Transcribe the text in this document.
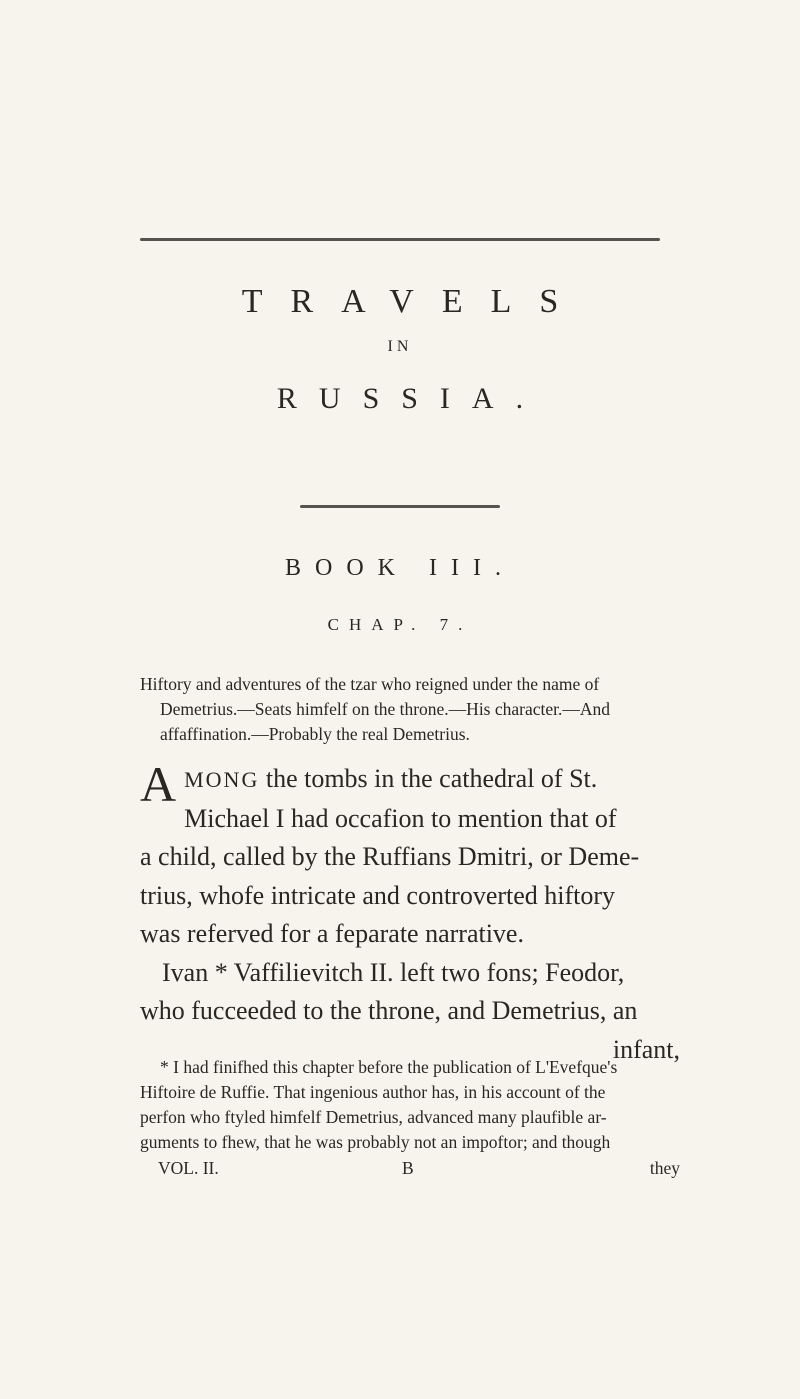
TRAVELS
IN
RUSSIA.
BOOK III.
CHAP. 7.
Hiftory and adventures of the tzar who reigned under the name of
Demetrius.—Seats himfelf on the throne.—His character.—And
affaffination.—Probably the real Demetrius.
A MONG the tombs in the cathedral of St.
Michael I had occafion to mention that of
a child, called by the Ruffians Dmitri, or Deme-
trius, whofe intricate and controverted hiftory
was referved for a feparate narrative.
Ivan * Vaffilievitch II. left two fons; Feodor,
who fucceeded to the throne, and Demetrius, an
infant,
* I had finifhed this chapter before the publication of L'Evefque's
Hiftoire de Ruffie. That ingenious author has, in his account of the
perfon who ftyled himfelf Demetrius, advanced many plaufible ar-
guments to fhew, that he was probably not an impoftor; and though
VOL. II.	B	they
